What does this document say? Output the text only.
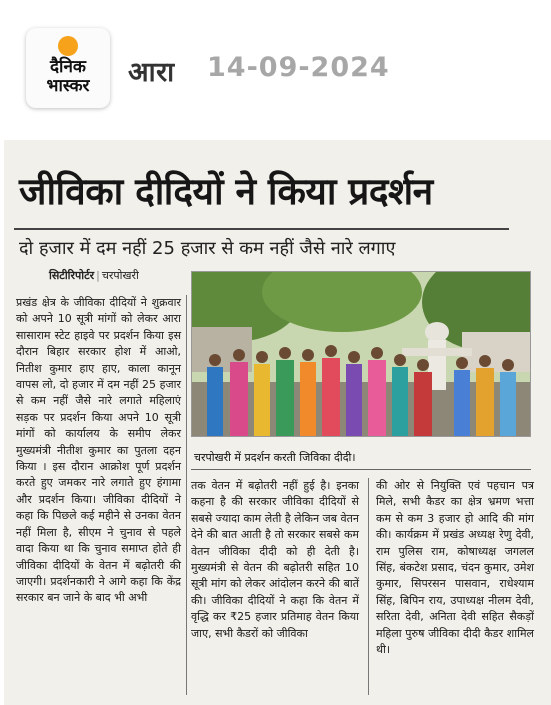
दैनिक भास्कर	आरा 14-09-2024
जीविका दीदियों ने किया प्रदर्शन
दो हजार में दम नहीं 25 हजार से कम नहीं जैसे नारे लगाए
सिटीरिपोर्टर | चरपोखरी
चरपोखरी में प्रदर्शन करती जिविका दीदी।

प्रखंड क्षेत्र के जीविका दीदियों ने शुक्रवार को अपने 10 सूत्री मांगों को लेकर आरा सासाराम स्टेट हाइवे पर प्रदर्शन किया इस दौरान बिहार सरकार होश में आओ, नितीश कुमार हाए हाए, काला कानून वापस लो, दो हजार में दम नहीं 25 हजार से कम नहीं जैसे नारे लगाते महिलाएं सड़क पर प्रदर्शन किया अपने 10 सूत्री मांगों को कार्यालय के समीप लेकर मुख्यमंत्री नीतीश कुमार का पुतला दहन किया । इस दौरान आक्रोश पूर्ण प्रदर्शन करते हुए जमकर नारे लगाते हुए हंगामा और प्रदर्शन किया। जीविका दीदियों ने कहा कि पिछले कई महीने से उनका वेतन नहीं मिला है, सीएम ने चुनाव से पहले वादा किया था कि चुनाव समाप्त होते ही जीविका दीदियों के वेतन में बढ़ोतरी की जाएगी। प्रदर्शनकारी ने आगे कहा कि केंद्र सरकार बन जाने के बाद भी अभी

तक वेतन में बढ़ोतरी नहीं हुई है। इनका कहना है की सरकार जीविका दीदियों से सबसे ज्यादा काम लेती है लेकिन जब वेतन देने की बात आती है तो सरकार सबसे कम वेतन जीविका दीदी को ही देती है। मुख्यमंत्री से वेतन की बढ़ोतरी सहित 10 सूत्री मांग को लेकर आंदोलन करने की बातें की। जीविका दीदियों ने कहा कि वेतन में वृद्धि कर ₹25 हजार प्रतिमाह वेतन किया जाए, सभी कैडरों को जीविका

की ओर से नियुक्ति एवं पहचान पत्र मिले, सभी कैडर का क्षेत्र भ्रमण भत्ता कम से कम 3 हजार हो आदि की मांग की। कार्यक्रम में प्रखंड अध्यक्ष रेणु देवी, राम पुलिस राम, कोषाध्यक्ष जगलल सिंह, बंकटेश प्रसाद, चंदन कुमार, उमेश कुमार, सिपरसन पासवान, राधेश्याम सिंह, बिपिन राय, उपाध्यक्ष नीलम देवी, सरिता देवी, अनिता देवी सहित सैकड़ों महिला पुरुष जीविका दीदी कैडर शामिल थी।
